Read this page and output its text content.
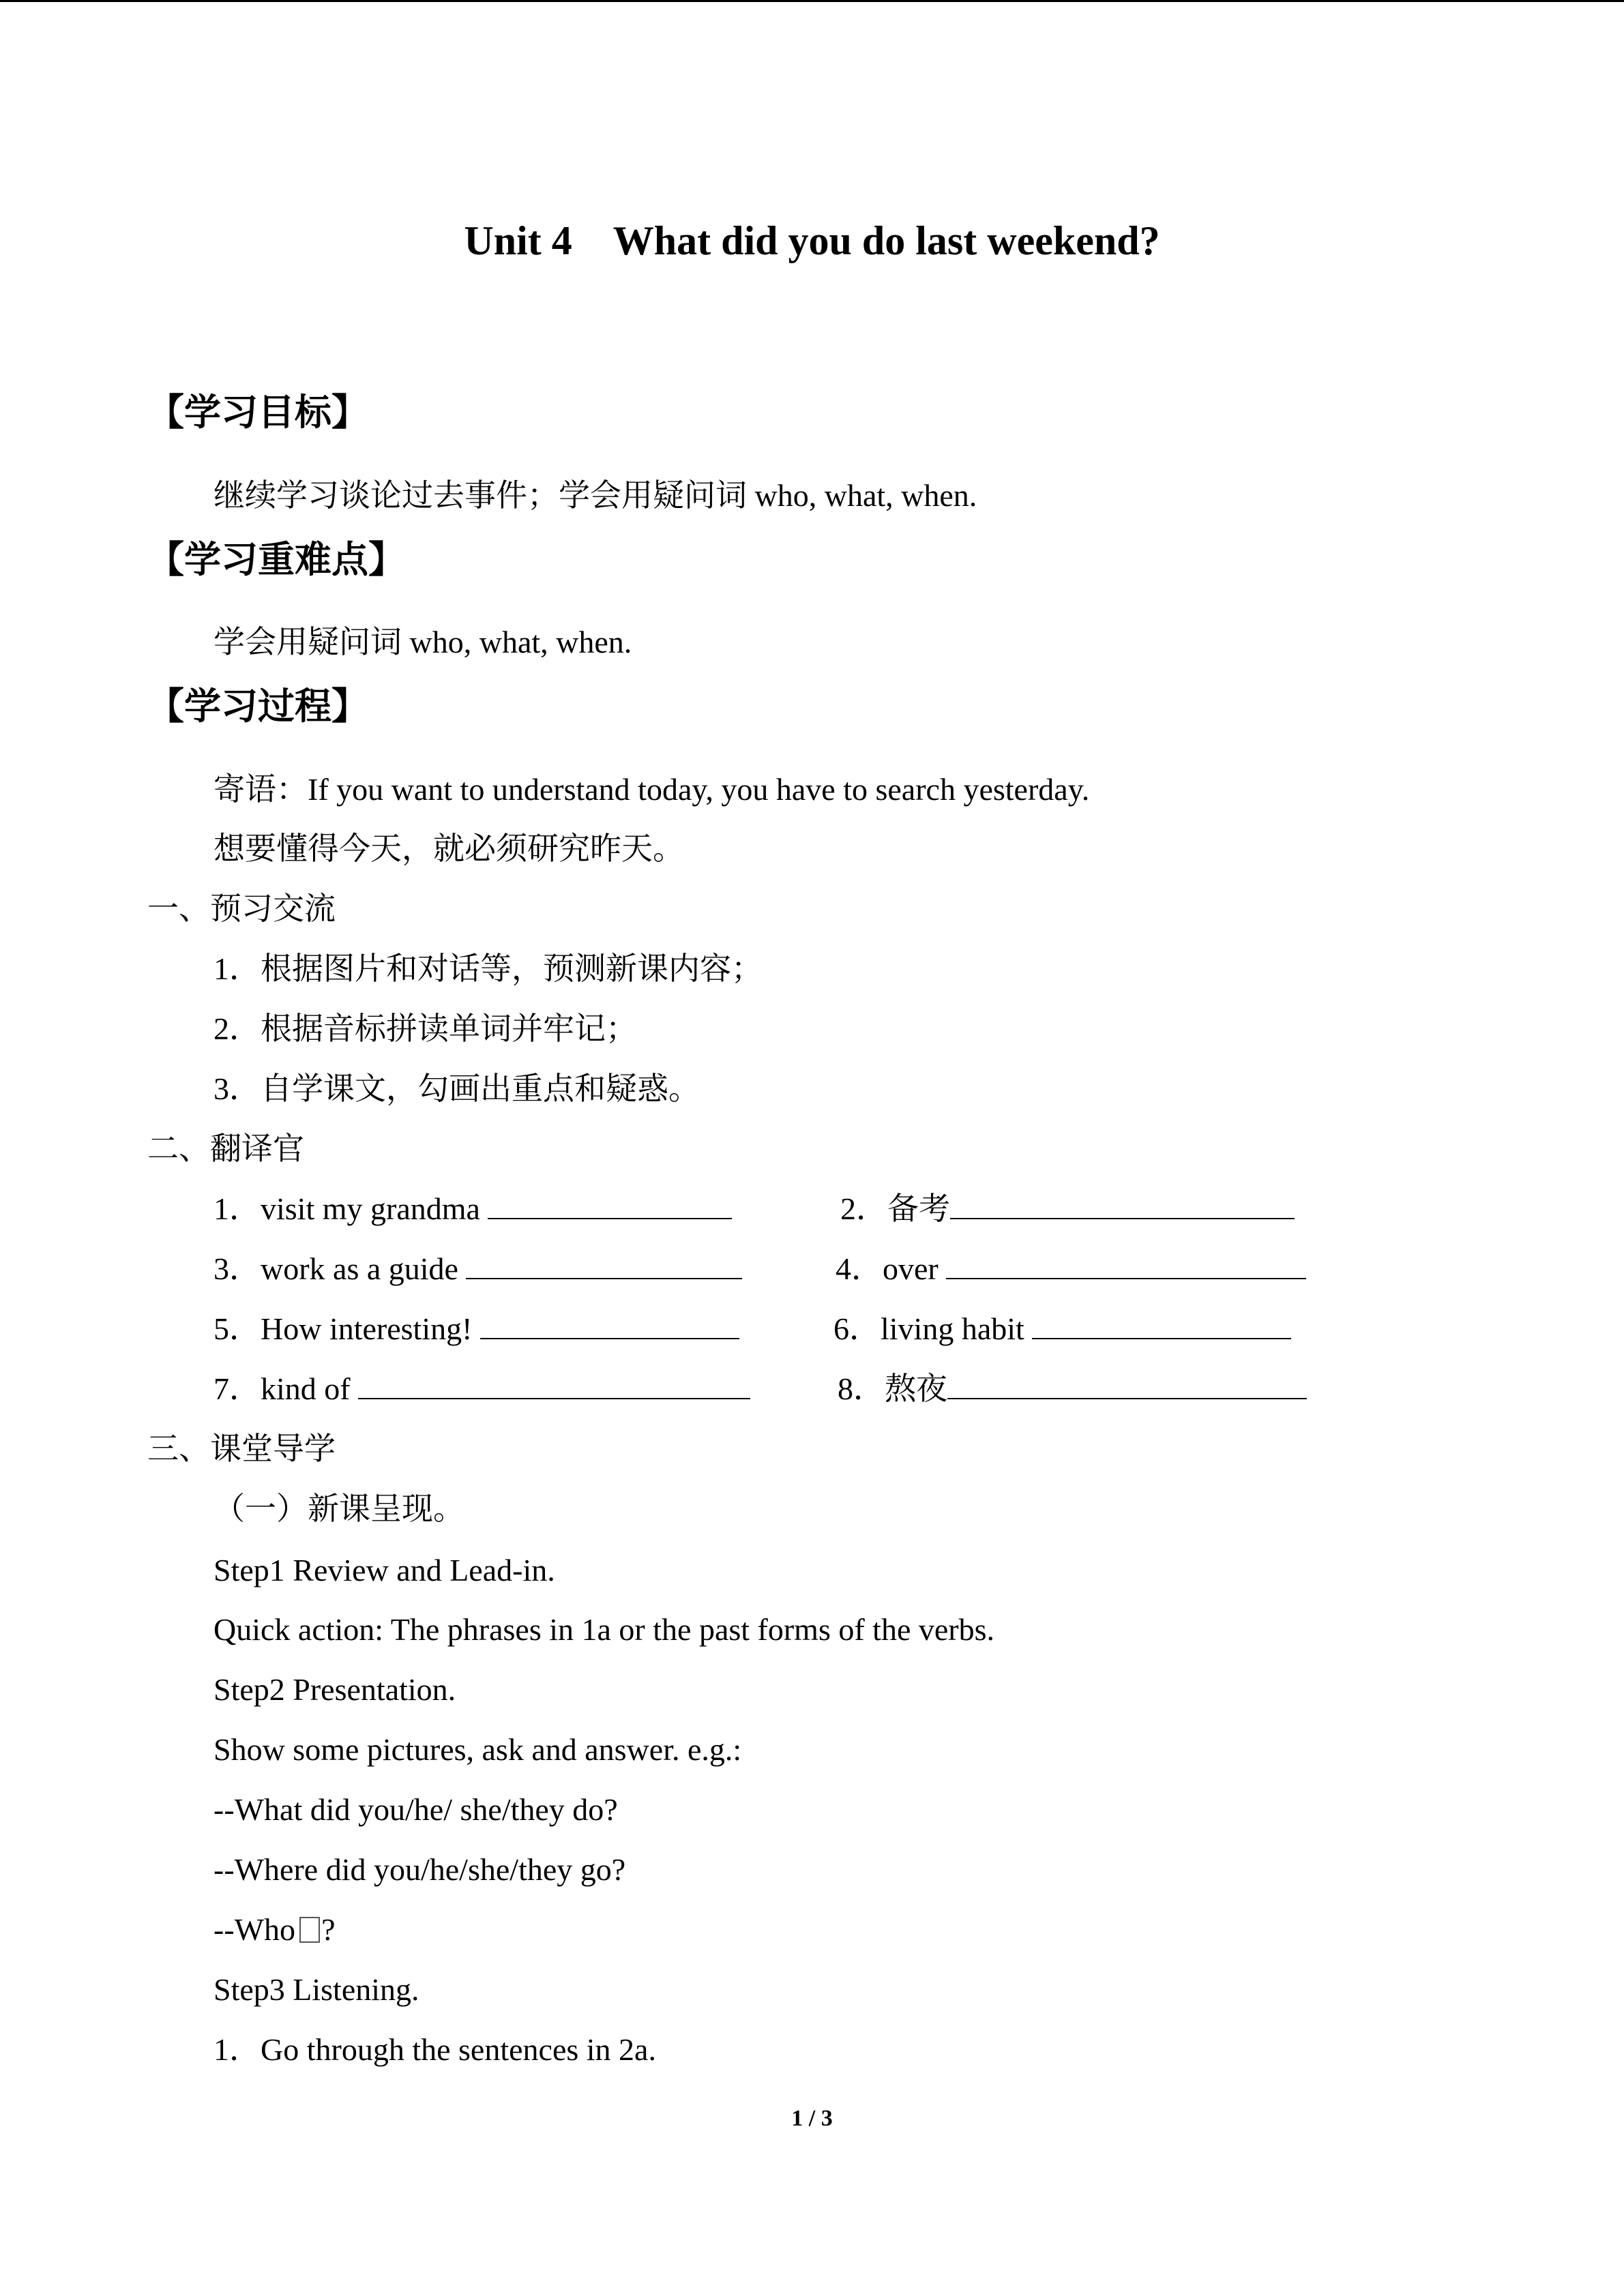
Unit 4 What did you do last weekend?
【学习目标】
继续学习谈论过去事件；学会用疑问词 who, what, when.
【学习重难点】
学会用疑问词 who, what, when.
【学习过程】
寄语：If you want to understand today, you have to search yesterday.
想要懂得今天，就必须研究昨天。
一、预习交流
1．根据图片和对话等，预测新课内容；
2．根据音标拼读单词并牢记；
3．自学课文，勾画出重点和疑惑。
二、翻译官
1．visit my grandma	2．备考
3．work as a guide	4．over
5．How interesting!	6．living habit
7．kind of	8．熬夜
三、课堂导学
（一）新课呈现。
Step1 Review and Lead-in.
Quick action: The phrases in 1a or the past forms of the verbs.
Step2 Presentation.
Show some pictures, ask and answer. e.g.:
--What did you/he/ she/they do?
--Where did you/he/she/they go?
--Who ?
Step3 Listening.
1．Go through the sentences in 2a.
1 / 3
